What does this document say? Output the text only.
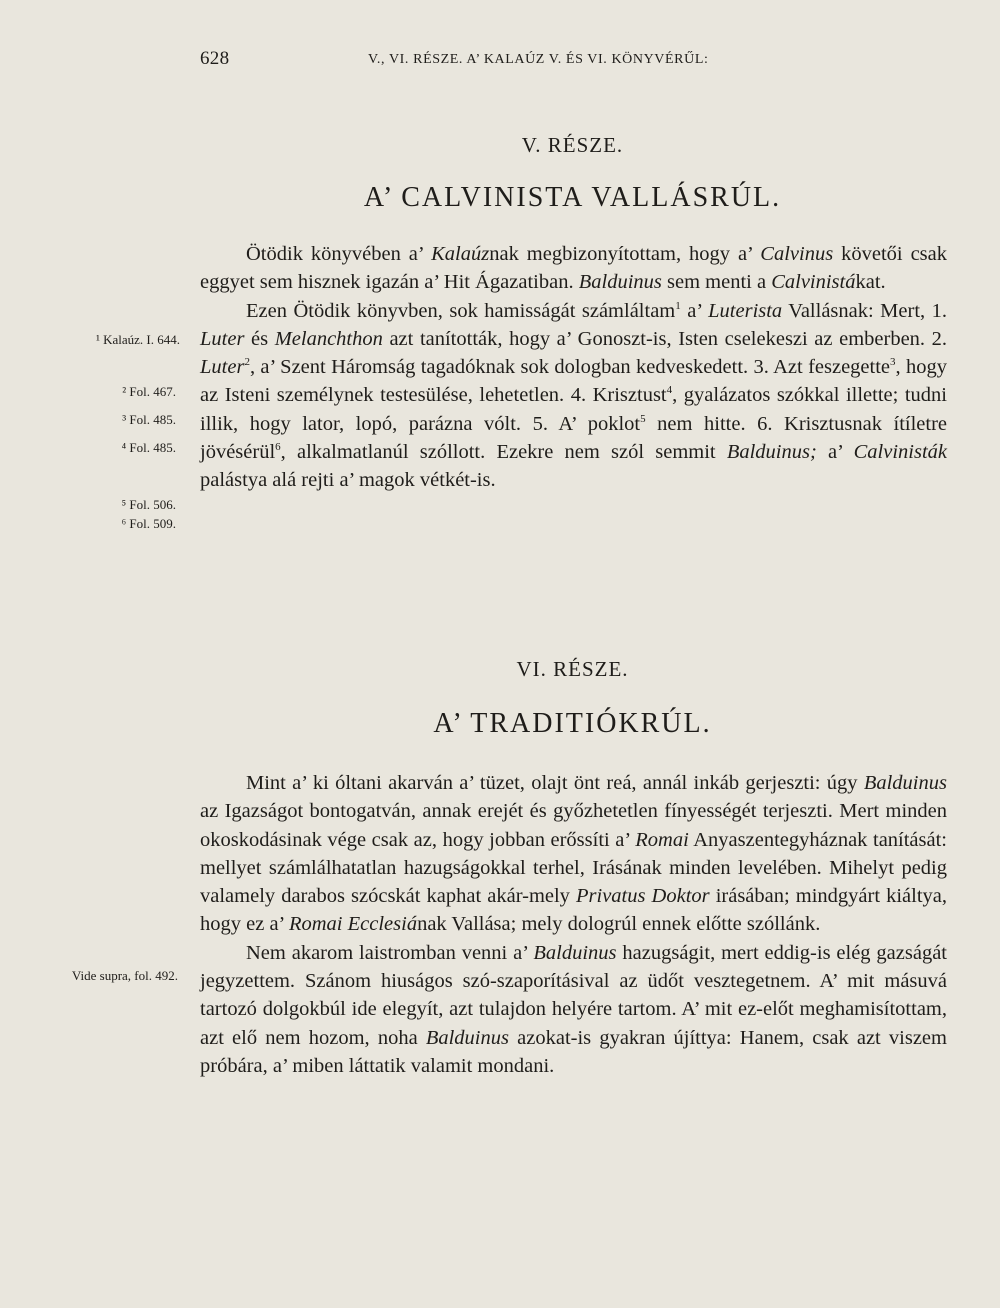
628	V., VI. RÉSZE. A’ KALAÚZ V. ÉS VI. KÖNYVÉRŰL:
V. RÉSZE.
A’ CALVINISTA VALLÁSRÚL.
¹ Kalaúz. I. 644.
² Fol. 467.
³ Fol. 485.
⁴ Fol. 485.
⁵ Fol. 506.
⁶ Fol. 509.
Vide supra, fol. 492.

Ötödik könyvében a’ Kalaúznak megbizonyítottam, hogy a’ Calvinus követői csak eggyet sem hisznek igazán a’ Hit Ágazatiban. Balduinus sem menti a Calvinistákat.

Ezen Ötödik könyvben, sok hamisságát számláltam$^1$ a’ Luterista Vallásnak: Mert, 1. Luter és Melanchthon azt tanították, hogy a’ Gonoszt-is, Isten cselekeszi az emberben. 2. Luter$^2$, a’ Szent Háromság tagadóknak sok dologban kedveskedett. 3. Azt feszegette$^3$, hogy az Isteni személynek testesülése, lehetetlen. 4. Krisztust$^4$, gyalázatos szókkal illette; tudni illik, hogy lator, lopó, parázna vólt. 5. A’ poklot$^5$ nem hitte. 6. Krisztusnak ítíletre jövésérül$^6$, alkalmatlanúl szóllott. Ezekre nem szól semmit Balduinus; a’ Calvinisták palástya alá rejti a’ magok vétkét-is.

VI. RÉSZE.
A’ TRADITIÓKRÚL.

Mint a’ ki óltani akarván a’ tüzet, olajt önt reá, annál inkáb gerjeszti: úgy Balduinus az Igazságot bontogatván, annak erejét és győzhetetlen fínyességét terjeszti. Mert minden okoskodásinak vége csak az, hogy jobban erőssíti a’ Romai Anyaszentegyháznak tanítását: mellyet számlálhatatlan hazugságokkal terhel, Irásának minden levelében. Mihelyt pedig valamely darabos szócskát kaphat akár-mely Privatus Doktor irásában; mindgyárt kiáltya, hogy ez a’ Romai Ecclesiának Vallása; mely dologrúl ennek előtte szóllánk.

Nem akarom laistromban venni a’ Balduinus hazugságit, mert eddig-is elég gazságát jegyzettem. Szánom hiuságos szó-szaporításival az üdőt vesztegetnem. A’ mit másuvá tartozó dolgokbúl ide elegyít, azt tulajdon helyére tartom. A’ mit ez-előt meghamisítottam, azt elő nem hozom, noha Balduinus azokat-is gyakran újíttya: Hanem, csak azt viszem próbára, a’ miben láttatik valamit mondani.
